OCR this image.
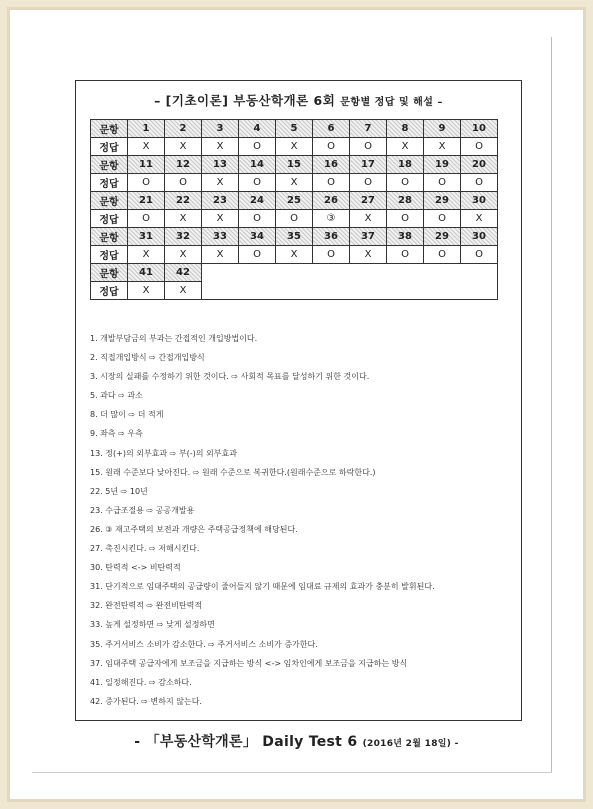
– [기초이론] 부동산학개론 6회 문항별 정답 및 해설 –
문항	1	2	3	4	5	6	7	8	9	10
정답	X	X	X	O	X	O	O	X	X	O
문항	11	12	13	14	15	16	17	18	19	20
정답	O	O	X	O	X	O	O	O	O	O
문항	21	22	23	24	25	26	27	28	29	30
정답	O	X	X	O	O	③	X	O	O	X
문항	31	32	33	34	35	36	37	38	29	30
정답	X	X	X	O	X	O	X	O	O	O
문항	41	42								
정답	X	X								
1. 개발부담금의 부과는 간접적인 개입방법이다.
2. 직접개입방식 ⇨ 간접개입방식
3. 시장의 실패를 수정하기 위한 것이다. ⇨ 사회적 목표를 달성하기 위한 것이다.
5. 과다 ⇨ 과소
8. 더 많이 ⇨ 더 적게
9. 좌측 ⇨ 우측
13. 정(+)의 외부효과 ⇨ 부(-)의 외부효과
15. 원래 수준보다 낮아진다. ⇨ 원래 수준으로 복귀한다.(원래수준으로 하락한다.)
22. 5년 ⇨ 10년
23. 수급조절용 ⇨ 공공개발용
26. ③ 재고주택의 보전과 개량은 주택공급정책에 해당된다.
27. 촉진시킨다. ⇨ 저해시킨다.
30. 탄력적 <-> 비탄력적
31. 단기적으로 임대주택의 공급량이 줄어들지 않기 때문에 임대료 규제의 효과가 충분히 발휘된다.
32. 완전탄력적 ⇨ 완전비탄력적
33. 높게 설정하면 ⇨ 낮게 설정하면
35. 주거서비스 소비가 감소한다. ⇨ 주거서비스 소비가 증가한다.
37. 임대주택 공급자에게 보조금을 지급하는 방식 <-> 임차인에게 보조금을 지급하는 방식
41. 일정해진다. ⇨ 감소하다.
42. 증가된다. ⇨ 변하지 않는다.
- 「부동산학개론」 Daily Test 6 (2016년 2월 18일) -
